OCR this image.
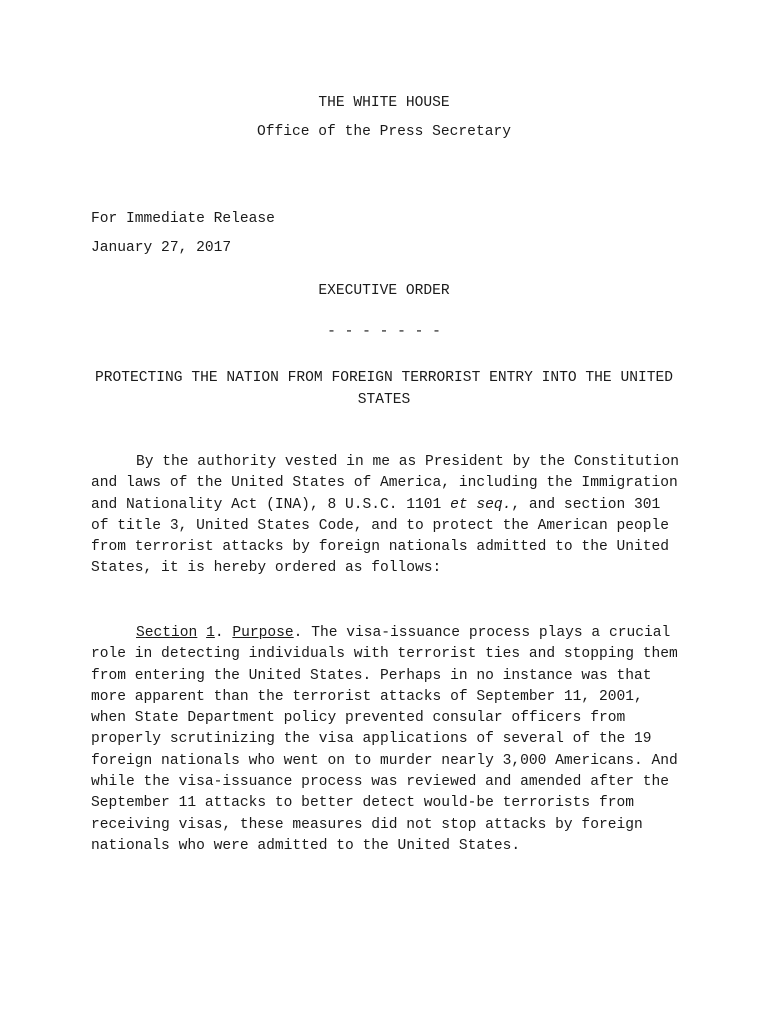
THE WHITE HOUSE
Office of the Press Secretary
For Immediate Release
January 27, 2017
EXECUTIVE ORDER
- - - - - - -
PROTECTING THE NATION FROM FOREIGN TERRORIST ENTRY INTO THE UNITED STATES

By the authority vested in me as President by the Constitution and laws of the United States of America, including the Immigration and Nationality Act (INA), 8 U.S.C. 1101 et seq., and section 301 of title 3, United States Code, and to protect the American people from terrorist attacks by foreign nationals admitted to the United States, it is hereby ordered as follows:

Section 1. Purpose. The visa-issuance process plays a crucial role in detecting individuals with terrorist ties and stopping them from entering the United States. Perhaps in no instance was that more apparent than the terrorist attacks of September 11, 2001, when State Department policy prevented consular officers from properly scrutinizing the visa applications of several of the 19 foreign nationals who went on to murder nearly 3,000 Americans. And while the visa-issuance process was reviewed and amended after the September 11 attacks to better detect would-be terrorists from receiving visas, these measures did not stop attacks by foreign nationals who were admitted to the United States.
